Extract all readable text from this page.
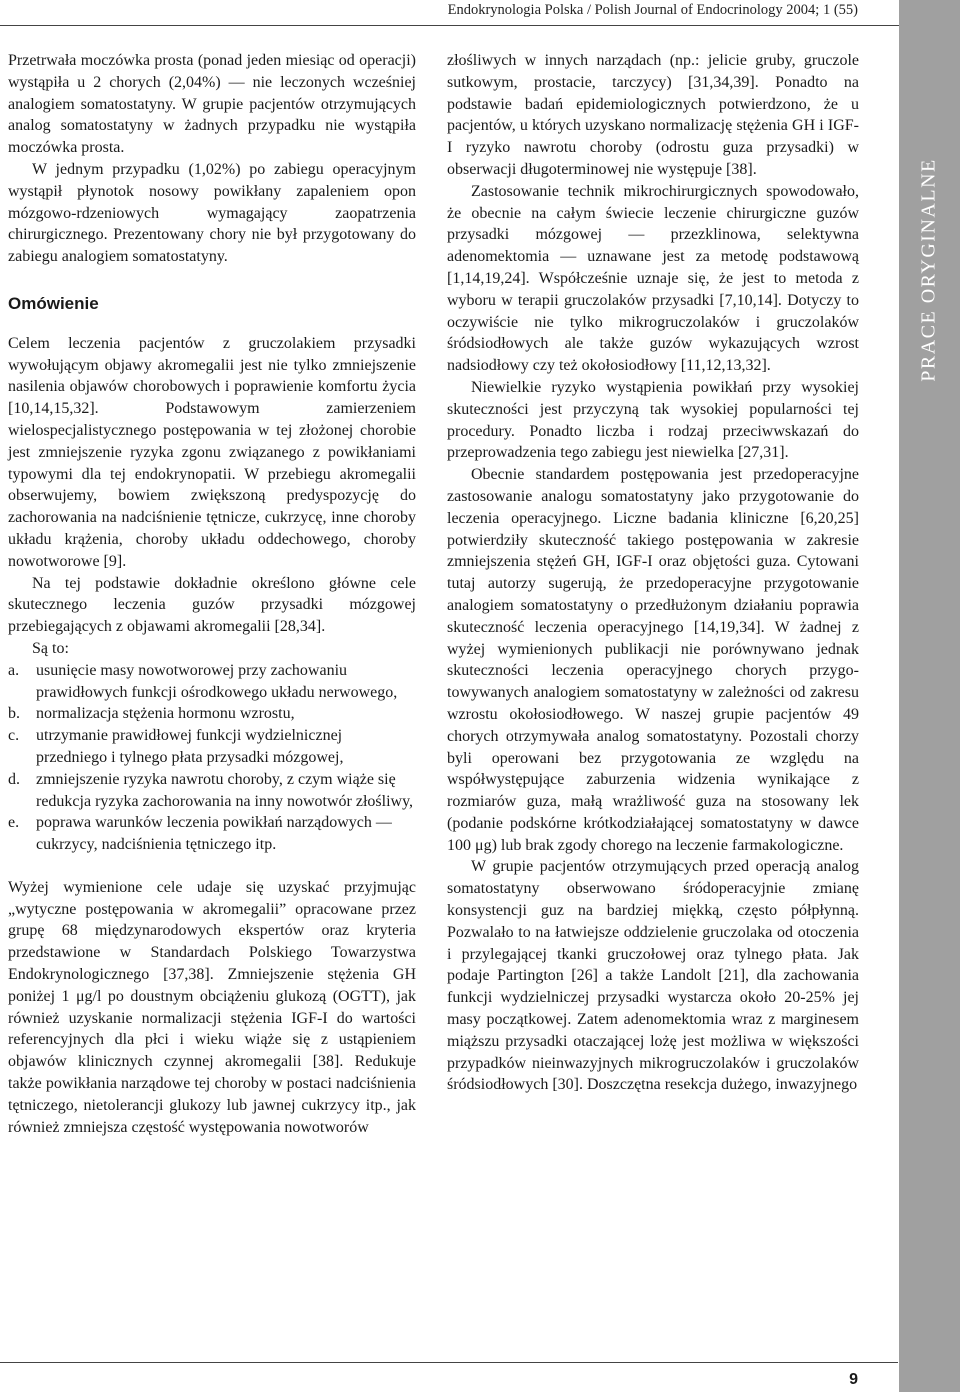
Endokrynologia Polska / Polish Journal of Endocrinology 2004; 1 (55)

Przetrwała moczówka prosta (ponad jeden miesiąc od operacji) wystąpiła u 2 chorych (2,04%) — nie leczonych wcześniej analogiem somatostatyny. W grupie pacjentów otrzymujących analog somatostatyny w żadnych przypadku nie wystąpiła moczówka prosta.

W jednym przypadku (1,02%) po zabiegu operacyjnym wystąpił płynotok nosowy powikłany zapaleniem opon mózgowo-rdzeniowych wymagający zaopatrzenia chirurgicznego. Prezentowany chory nie był przygotowany do zabiegu analogiem somatostatyny.

Omówienie

Celem leczenia pacjentów z gruczolakiem przysadki wywołującym objawy akromegalii jest nie tylko zmniejszenie nasilenia objawów chorobowych i poprawienie komfortu życia [10,14,15,32]. Podstawowym zamierzeniem wielospecjalistycznego postępowania w tej złożonej chorobie jest zmniejszenie ryzyka zgonu związanego z powikłaniami typowymi dla tej endokrynopatii. W przebiegu akromegalii obserwujemy, bowiem zwiększoną predyspozycję do zachorowania na nadciśnienie tętnicze, cukrzycę, inne choroby układu krążenia, choroby układu oddechowego, choroby nowotworowe [9].

Na tej podstawie dokładnie określono główne cele skutecznego leczenia guzów przysadki mózgowej przebiegających z objawami akromegalii [28,34].

Są to:

a. usunięcie masy nowotworowej przy zachowaniu prawidłowych funkcji ośrodkowego układu nerwowego,
b. normalizacja stężenia hormonu wzrostu,
c. utrzymanie prawidłowej funkcji wydzielnicznej przedniego i tylnego płata przysadki mózgowej,
d. zmniejszenie ryzyka nawrotu choroby, z czym wiąże się redukcja ryzyka zachorowania na inny nowotwór złośliwy,
e. poprawa warunków leczenia powikłań narządowych — cukrzycy, nadciśnienia tętniczego itp.

Wyżej wymienione cele udaje się uzyskać przyjmując „wytyczne postępowania w akromegalii” opracowane przez grupę 68 międzynarodowych ekspertów oraz kryteria przedstawione w Standardach Polskiego Towarzystwa Endokrynologicznego [37,38]. Zmniejszenie stężenia GH poniżej 1 μg/l po doustnym obciążeniu glukozą (OGTT), jak również uzyskanie normalizacji stężenia IGF-I do wartości referencyjnych dla płci i wieku wiąże się z ustąpieniem objawów klinicznych czynnej akromegalii [38]. Redukuje także powikłania narządowe tej choroby w postaci nadciśnienia tętniczego, nietolerancji glukozy lub jawnej cukrzycy itp., jak również zmniejsza częstość występowania nowotworów

złośliwych w innych narządach (np.: jelicie gruby, gruczole sutkowym, prostacie, tarczycy) [31,34,39]. Ponadto na podstawie badań epidemiologicznych potwierdzono, że u pacjentów, u których uzyskano normalizację stężenia GH i IGF-I ryzyko nawrotu choroby (odrostu guza przysadki) w obserwacji długoterminowej nie występuje [38].

Zastosowanie technik mikrochirurgicznych spowodowało, że obecnie na całym świecie leczenie chirurgiczne guzów przysadki mózgowej — przezklinowa, selektywna adenomektomia — uznawane jest za metodę podstawową [1,14,19,24]. Współcześnie uznaje się, że jest to metoda z wyboru w terapii gruczolaków przysadki [7,10,14]. Dotyczy to oczywiście nie tylko mikrogruczolaków i gruczolaków śródsiodłowych ale także guzów wykazujących wzrost nadsiodłowy czy też okołosiodłowy [11,12,13,32].

Niewielkie ryzyko wystąpienia powikłań przy wysokiej skuteczności jest przyczyną tak wysokiej popularności tej procedury. Ponadto liczba i rodzaj przeciwwskazań do przeprowadzenia tego zabiegu jest niewielka [27,31].

Obecnie standardem postępowania jest przedoperacyjne zastosowanie analogu somatostatyny jako przygotowanie do leczenia operacyjnego. Liczne badania kliniczne [6,20,25] potwierdziły skuteczność takiego postępowania w zakresie zmniejszenia stężeń GH, IGF-I oraz objętości guza. Cytowani tutaj autorzy sugerują, że przedoperacyjne przygotowanie analogiem somatostatyny o przedłużonym działaniu poprawia skuteczność leczenia operacyjnego [14,19,34]. W żadnej z wyżej wymienionych publikacji nie porównywano jednak skuteczności leczenia operacyjnego chorych przygotowywanych analogiem somatostatyny w zależności od zakresu wzrostu okołosiodłowego. W naszej grupie pacjentów 49 chorych otrzymywała analog somatostatyny. Pozostali chorzy byli operowani bez przygotowania ze względu na współwystępujące zaburzenia widzenia wynikające z rozmiarów guza, małą wrażliwość guza na stosowany lek (podanie podskórne krótkodziałającej somatostatyny w dawce 100 μg) lub brak zgody chorego na leczenie farmakologiczne.

W grupie pacjentów otrzymujących przed operacją analog somatostatyny obserwowano śródoperacyjnie zmianę konsystencji guz na bardziej miękką, często półpłynną. Pozwalało to na łatwiejsze oddzielenie gruczolaka od otoczenia i przylegającej tkanki gruczołowej oraz tylnego płata. Jak podaje Partington [26] a także Landolt [21], dla zachowania funkcji wydzielniczej przysadki wystarcza około 20-25% jej masy początkowej. Zatem adenomektomia wraz z marginesem miąższu przysadki otaczającej lożę jest możliwa w większości przypadków nieinwazyjnych mikrogruczolaków i gruczolaków śródsiodłowych [30]. Doszczętna resekcja dużego, inwazyjnego

PRACE ORYGINALNE
9
